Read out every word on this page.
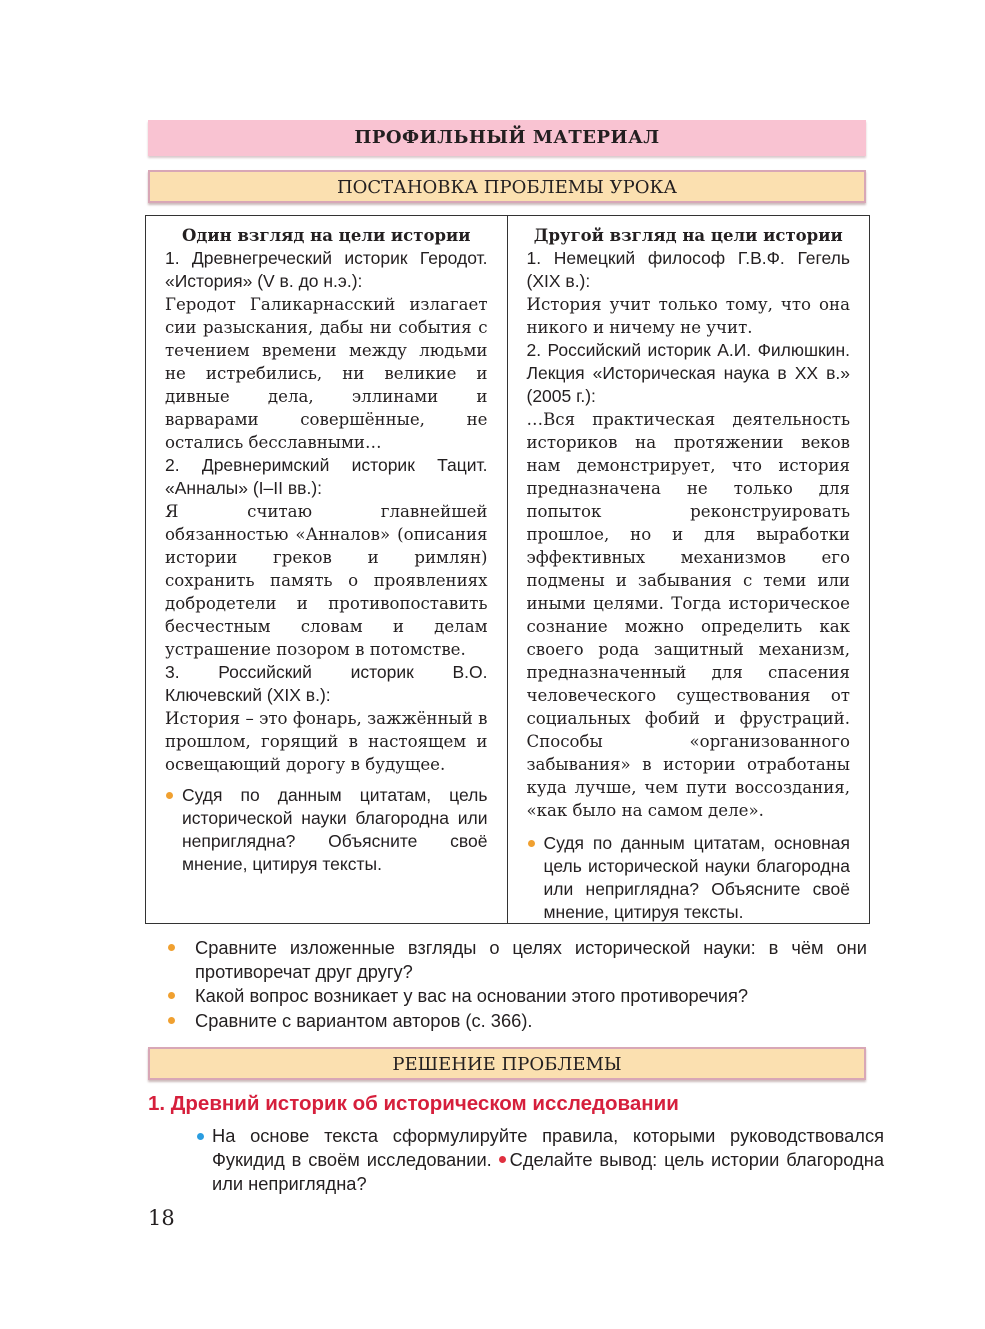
ПРОФИЛЬНЫЙ МАТЕРИАЛ
ПОСТАНОВКА ПРОБЛЕМЫ УРОКА
Один взгляд на цели истории
1. Древнегреческий историк Геродот. «История» (V в. до н.э.):
Геродот Галикарнасский излагает сии разыскания, дабы ни события с течением времени между людьми не истребились, ни великие и дивные дела, эллинами и варварами совершённые, не остались бесславными…
2. Древнеримский историк Тацит. «Анналы» (I–II вв.):
Я считаю главнейшей обязанностью «Анналов» (описания истории греков и римлян) сохранить память о проявлениях добродетели и противопоставить бесчестным словам и делам устрашение позором в потомстве.
3. Российский историк В.О. Ключевский (XIX в.):
История – это фонарь, зажжённый в прошлом, горящий в настоящем и освещающий дорогу в будущее.
Судя по данным цитатам, цель исторической науки благородна или неприглядна? Объясните своё мнение, цитируя тексты.
Другой взгляд на цели истории
1. Немецкий философ Г.В.Ф. Гегель (XIX в.):
История учит только тому, что она никого и ничему не учит.
2. Российский историк А.И. Филюшкин. Лекция «Историческая наука в XX в.» (2005 г.):
…Вся практическая деятельность историков на протяжении веков нам демонстрирует, что история предназначена не только для попыток реконструировать прошлое, но и для выработки эффективных механизмов его подмены и забывания с теми или иными целями. Тогда историческое сознание можно определить как своего рода защитный механизм, предназначенный для спасения человеческого существования от социальных фобий и фрустраций. Способы «организованного забывания» в истории отработаны куда лучше, чем пути воссоздания, «как было на самом деле».
Судя по данным цитатам, основная цель исторической науки благородна или неприглядна? Объясните своё мнение, цитируя тексты.
Сравните изложенные взгляды о целях исторической науки: в чём они противоречат друг другу?
Какой вопрос возникает у вас на основании этого противоречия?
Сравните с вариантом авторов (с. 366).
РЕШЕНИЕ ПРОБЛЕМЫ
1. Древний историк об историческом исследовании
На основе текста сформулируйте правила, которыми руководствовался Фукидид в своём исследовании. Сделайте вывод: цель истории благородна или неприглядна?
18
